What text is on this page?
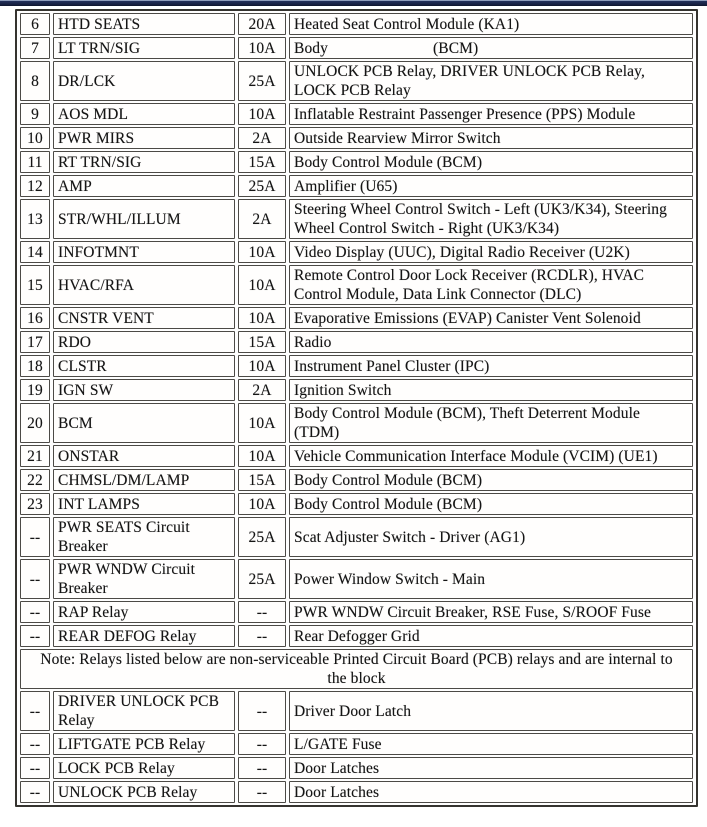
6	HTD SEATS	20A	Heated Seat Control Module (KA1)
7	LT TRN/SIG	10A	Body (BCM)
8	DR/LCK	25A	UNLOCK PCB Relay, DRIVER UNLOCK PCB Relay, LOCK PCB Relay
9	AOS MDL	10A	Inflatable Restraint Passenger Presence (PPS) Module
10	PWR MIRS	2A	Outside Rearview Mirror Switch
11	RT TRN/SIG	15A	Body Control Module (BCM)
12	AMP	25A	Amplifier (U65)
13	STR/WHL/ILLUM	2A	Steering Wheel Control Switch - Left (UK3/K34), Steering Wheel Control Switch - Right (UK3/K34)
14	INFOTMNT	10A	Video Display (UUC), Digital Radio Receiver (U2K)
15	HVAC/RFA	10A	Remote Control Door Lock Receiver (RCDLR), HVAC Control Module, Data Link Connector (DLC)
16	CNSTR VENT	10A	Evaporative Emissions (EVAP) Canister Vent Solenoid
17	RDO	15A	Radio
18	CLSTR	10A	Instrument Panel Cluster (IPC)
19	IGN SW	2A	Ignition Switch
20	BCM	10A	Body Control Module (BCM), Theft Deterrent Module (TDM)
21	ONSTAR	10A	Vehicle Communication Interface Module (VCIM) (UE1)
22	CHMSL/DM/LAMP	15A	Body Control Module (BCM)
23	INT LAMPS	10A	Body Control Module (BCM)
--	PWR SEATS Circuit Breaker	25A	Scat Adjuster Switch - Driver (AG1)
--	PWR WNDW Circuit Breaker	25A	Power Window Switch - Main
--	RAP Relay	--	PWR WNDW Circuit Breaker, RSE Fuse, S/ROOF Fuse
--	REAR DEFOG Relay	--	Rear Defogger Grid
Note: Relays listed below are non-serviceable Printed Circuit Board (PCB) relays and are internal to the block			
--	DRIVER UNLOCK PCB Relay	--	Driver Door Latch
--	LIFTGATE PCB Relay	--	L/GATE Fuse
--	LOCK PCB Relay	--	Door Latches
--	UNLOCK PCB Relay	--	Door Latches
